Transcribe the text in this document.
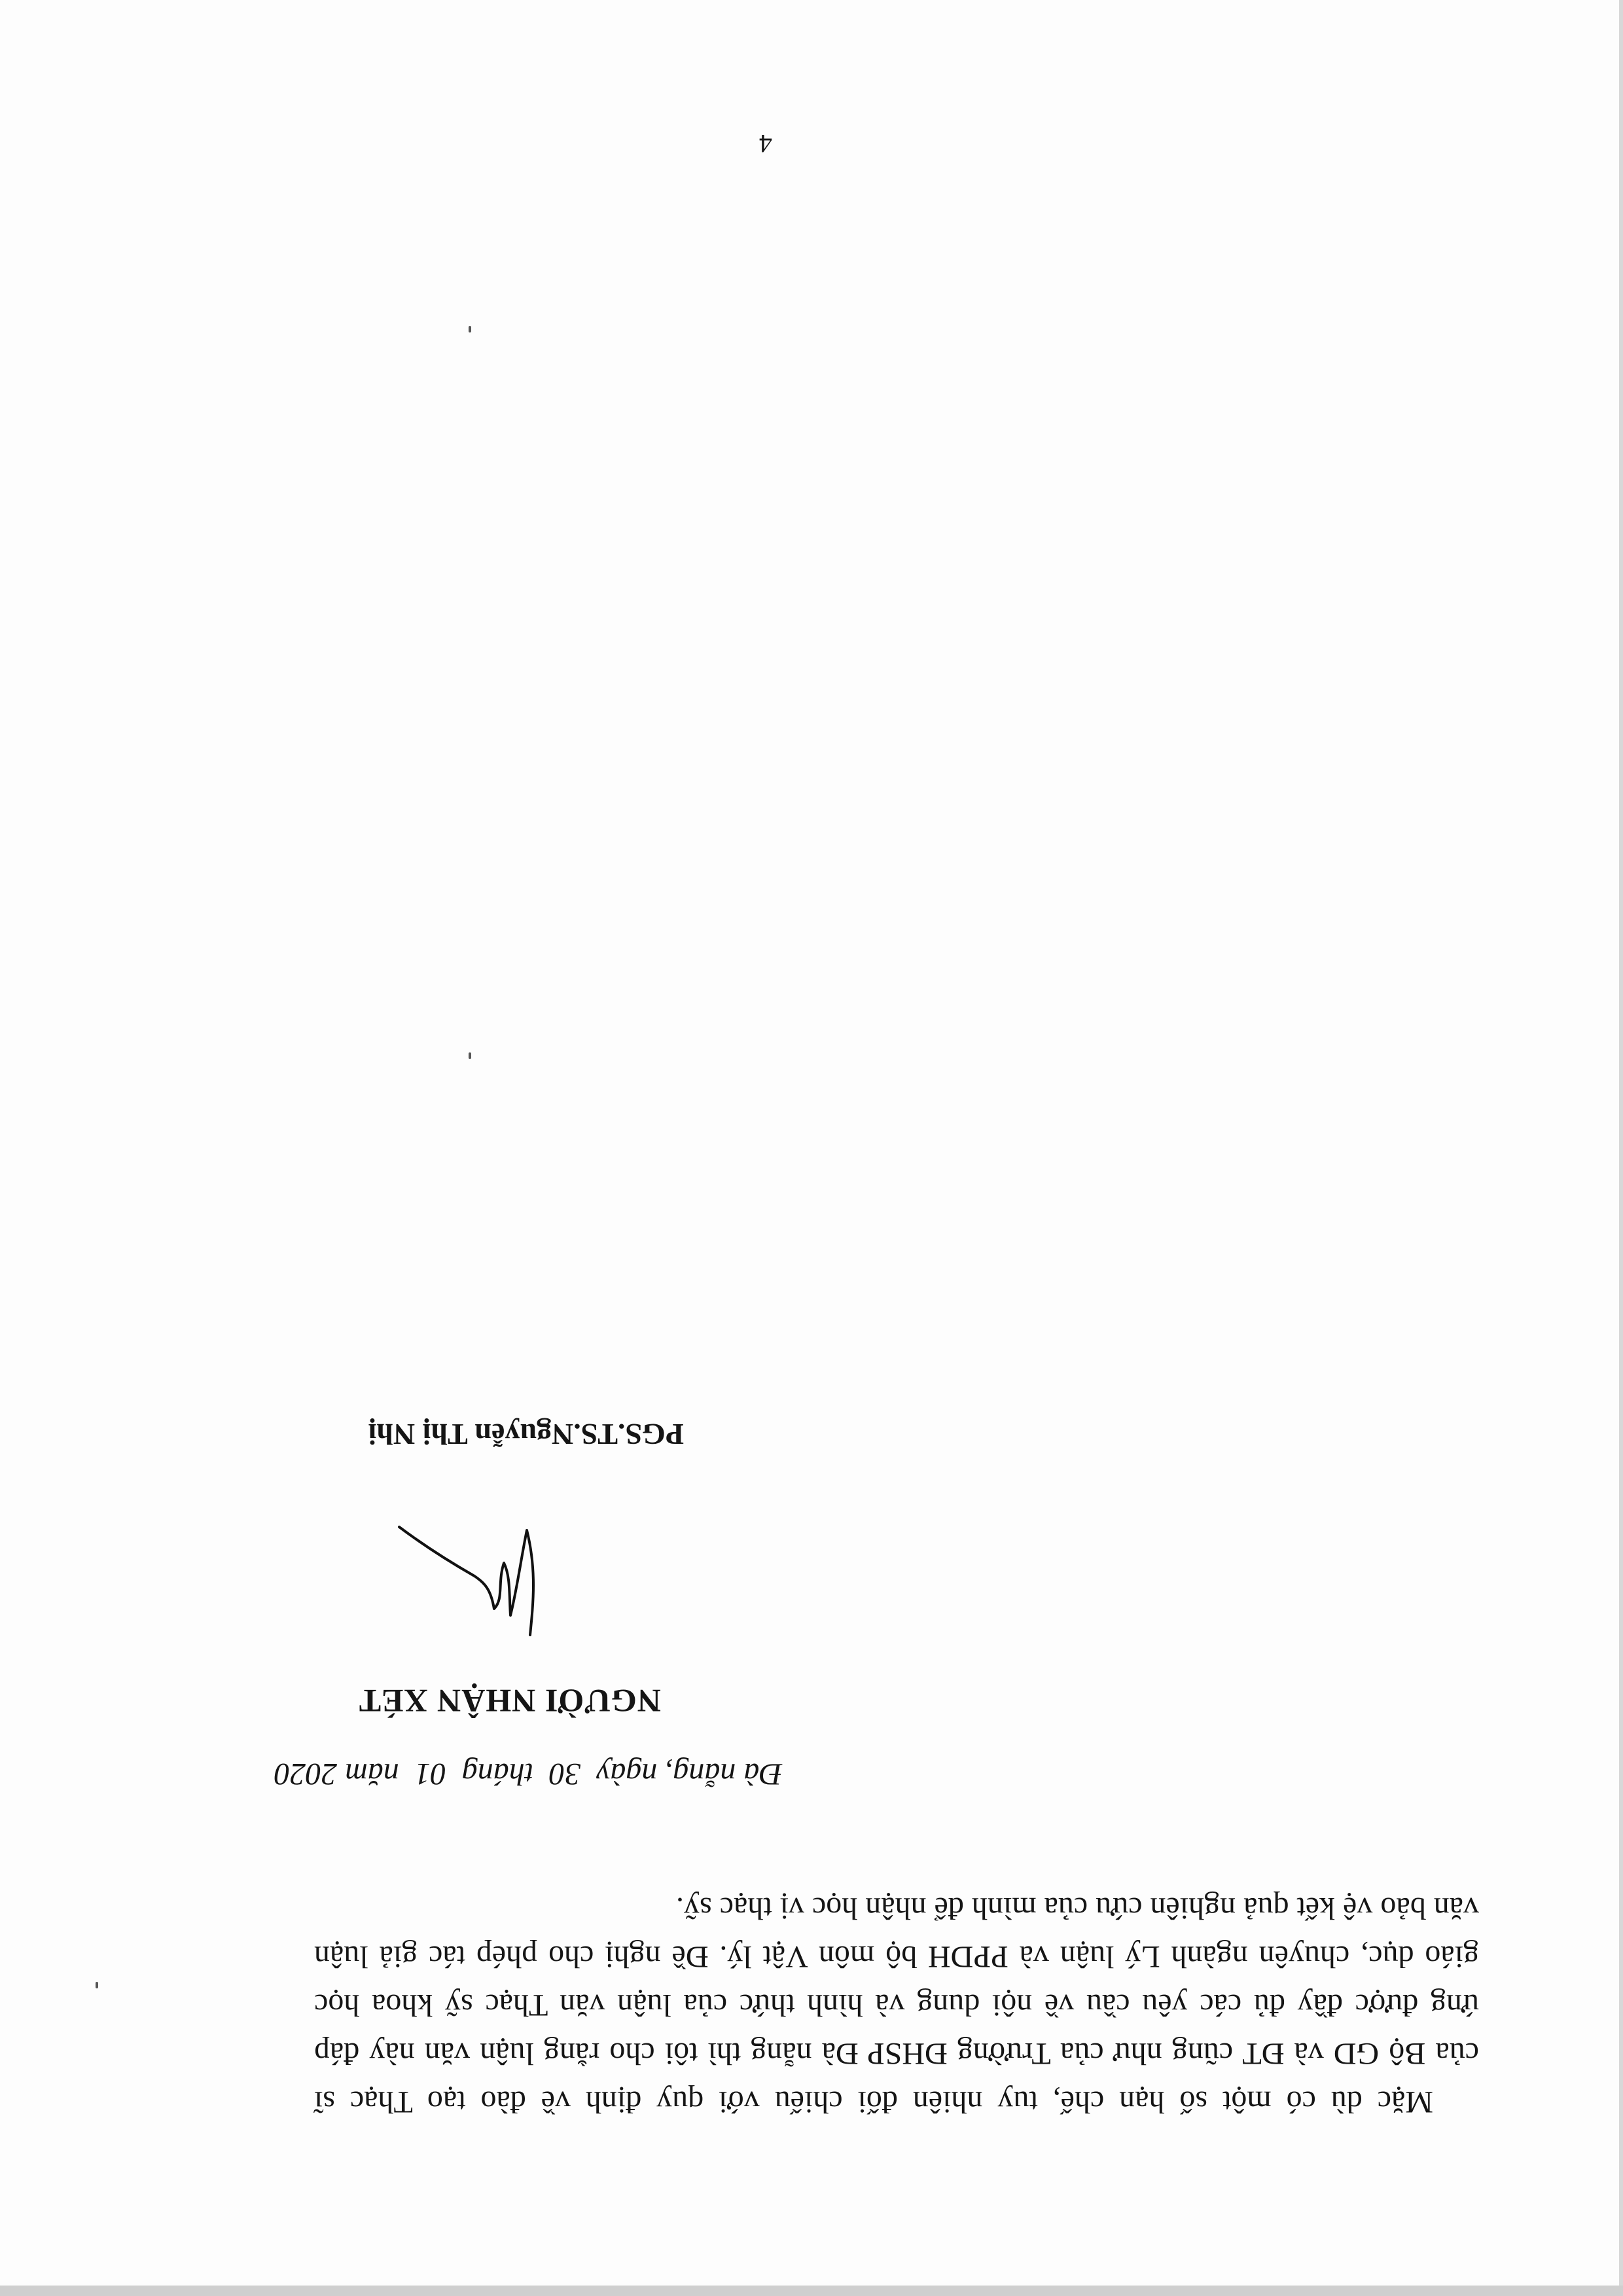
Mặc dù có một số hạn chế, tuy nhiên đối chiếu với quy định về đào tạo Thạc sĩ
của Bộ GD và ĐT cũng như của Trường ĐHSP Đà nẵng thì tôi cho rằng luận văn này đáp
ứng được đầy đủ các yêu cầu về nội dung và hình thức của luận văn Thạc sỹ khoa học
giáo dục, chuyên ngành Lý luận và PPDH bộ môn Vật lý. Đề nghị cho phép tác giả luận
văn bảo vệ kết quả nghiên cứu của mình để nhận học vị thạc sỹ.

Đà nẵng, ngày  30  tháng  01  năm 2020

NGƯỜI NHẬN XÉT

PGS.TS.Nguyễn Thị Nhị

4
